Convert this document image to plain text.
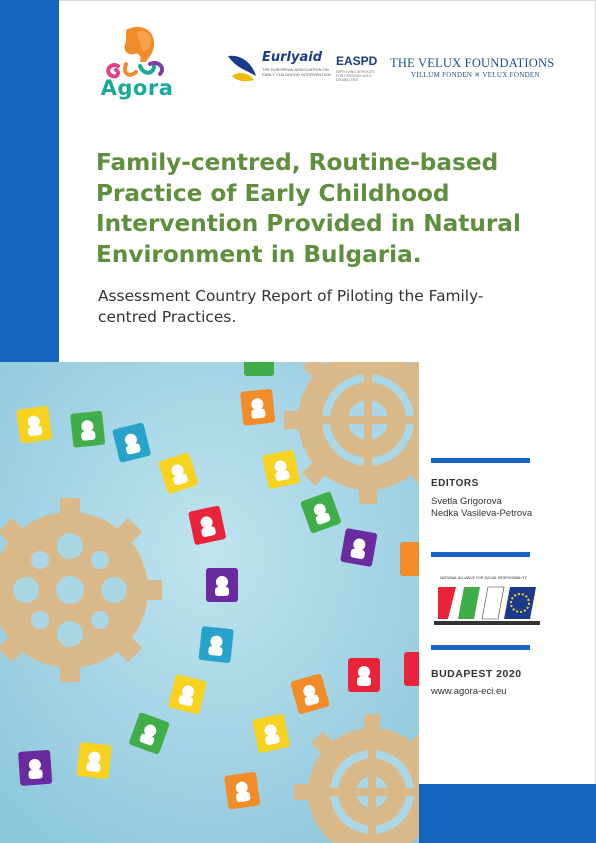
Agora
Eurlyaid
THE EUROPEAN ASSOCIATION ON EARLY CHILDHOOD INTERVENTION
EASPD
IMPROVING SERVICES FOR PERSONS WITH DISABILITIES
THE VELUX FOUNDATIONS
VILLUM FONDEN ✕ VELUX FONDEN
Family-centred, Routine-based Practice of Early Childhood Intervention Provided in Natural Environment in Bulgaria.

Assessment Country Report of Piloting the Family-centred Practices.

EDITORS
Svetla Grigorova
Nedka Vasileva-Petrova
NATIONAL ALLIANCE FOR SOCIAL RESPONSIBILITY
BULGARIA
BUDAPEST 2020
www.agora-eci.eu
